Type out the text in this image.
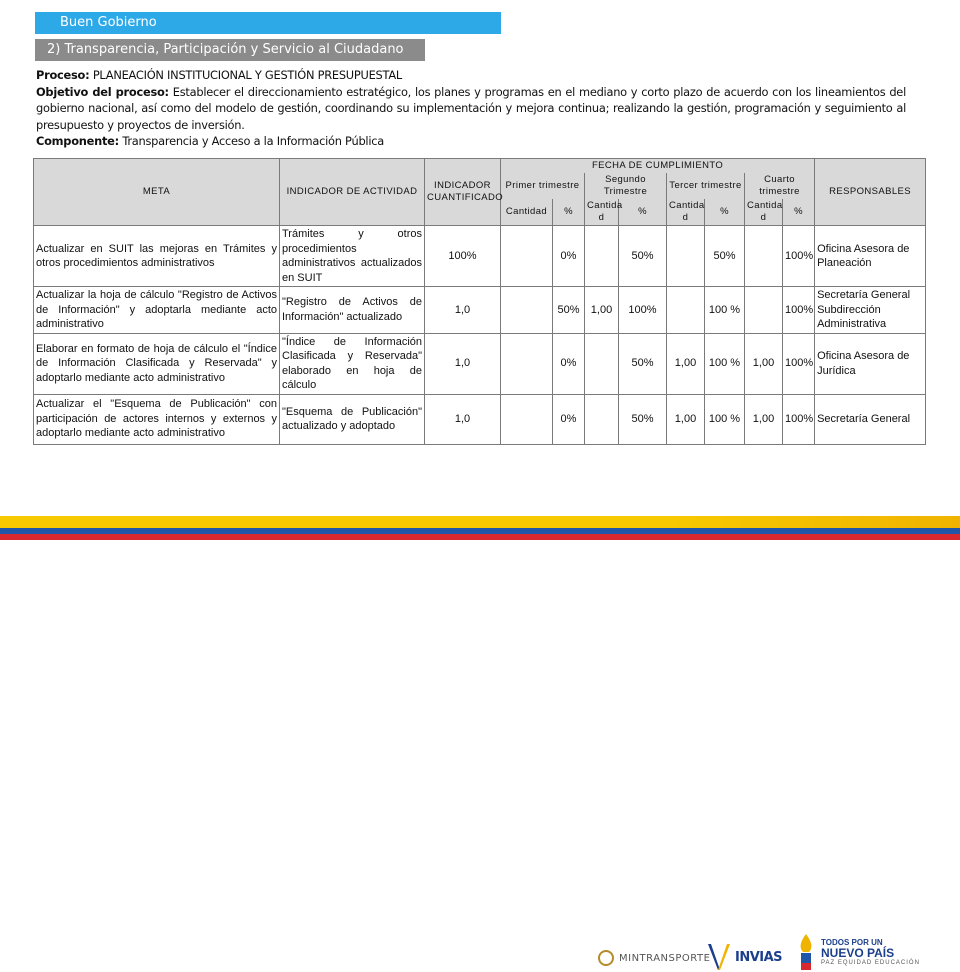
Buen Gobierno
2) Transparencia, Participación y Servicio al Ciudadano

Proceso: PLANEACIÓN INSTITUCIONAL Y GESTIÓN PRESUPUESTAL

Objetivo del proceso: Establecer el direccionamiento estratégico, los planes y programas en el mediano y corto plazo de acuerdo con los lineamientos del gobierno nacional, así como del modelo de gestión, coordinando su implementación y mejora continua; realizando la gestión, programación y seguimiento al presupuesto y proyectos de inversión.

Componente: Transparencia y Acceso a la Información Pública

META	INDICADOR DE ACTIVIDAD	INDICADOR CUANTIFICADO	FECHA DE CUMPLIMIENTO								RESPONSABLES
			Primer trimestre		Segundo Trimestre		Tercer trimestre		Cuarto trimestre		
			Cantidad	%	Cantida d	%	Cantida d	%	Cantida d	%	
Actualizar en SUIT las mejoras en Trámites y otros procedimientos administrativos	Trámites y otros procedimientos administrativos actualizados en SUIT	100%		0%		50%		50%		100%	Oficina Asesora de Planeación
Actualizar la hoja de cálculo "Registro de Activos de Información" y adoptarla mediante acto administrativo	"Registro de Activos de Información" actualizado	1,0		50%	1,00	100%		100 %		100%	Secretaría General Subdirección Administrativa
Elaborar en formato de hoja de cálculo el "Índice de Información Clasificada y Reservada" y adoptarlo mediante acto administrativo	"Índice de Información Clasificada y Reservada" elaborado en hoja de cálculo	1,0		0%		50%	1,00	100 %	1,00	100%	Oficina Asesora de Jurídica
Actualizar el "Esquema de Publicación" con participación de actores internos y externos y adoptarlo mediante acto administrativo	"Esquema de Publicación" actualizado y adoptado	1,0		0%		50%	1,00	100 %	1,00	100%	Secretaría General
MINTRANSPORTE INVIAS
TODOS POR UN
NUEVO PAÍS
PAZ EQUIDAD EDUCACIÓN
